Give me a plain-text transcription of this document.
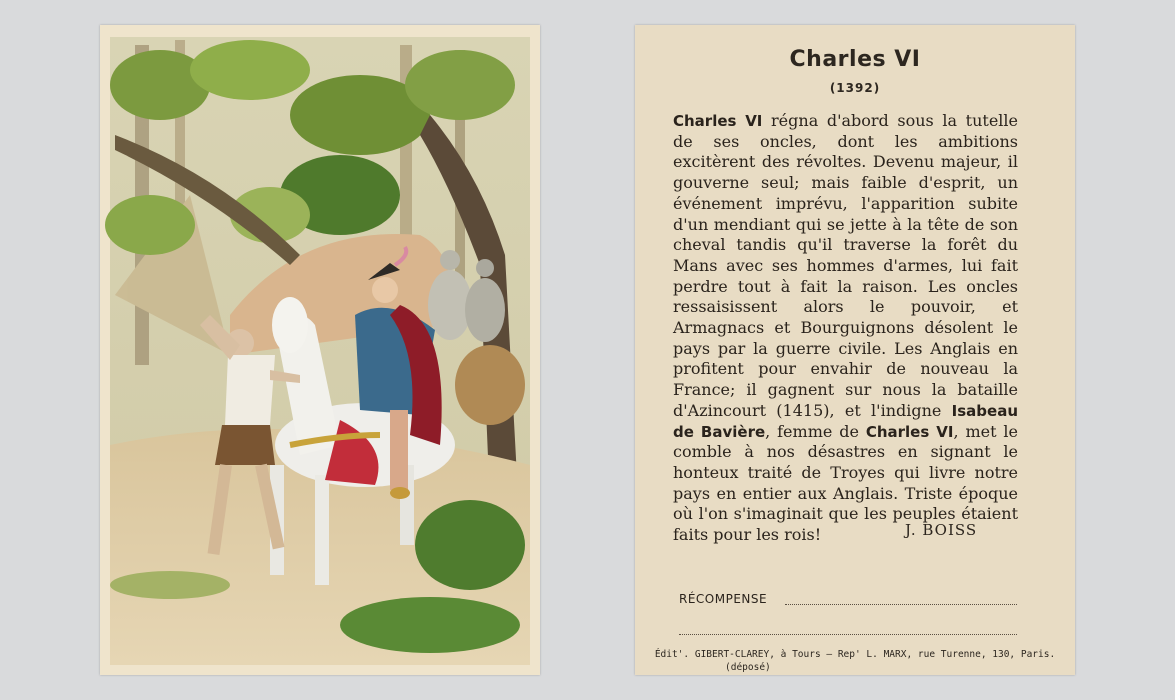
Charles VI
(1392)
Charles VI régna d'abord sous la tutelle de ses oncles, dont les ambitions excitèrent des révoltes. Devenu majeur, il gouverne seul; mais faible d'esprit, un événement imprévu, l'apparition subite d'un mendiant qui se jette à la tête de son cheval tandis qu'il traverse la forêt du Mans avec ses hommes d'armes, lui fait perdre tout à fait la raison. Les oncles ressaisissent alors le pouvoir, et Armagnacs et Bourguignons désolent le pays par la guerre civile. Les Anglais en profitent pour envahir de nouveau la France; il gagnent sur nous la bataille d'Azincourt (1415), et l'indigne Isabeau de Bavière, femme de Charles VI, met le comble à nos désastres en signant le honteux traité de Troyes qui livre notre pays en entier aux Anglais. Triste époque où l'on s'imaginait que les peuples étaient faits pour les rois!	J. BOISS
RÉCOMPENSE
Édit'. GIBERT-CLAREY, à Tours — Rep' L. MARX, rue Turenne, 130, Paris.
(déposé)
